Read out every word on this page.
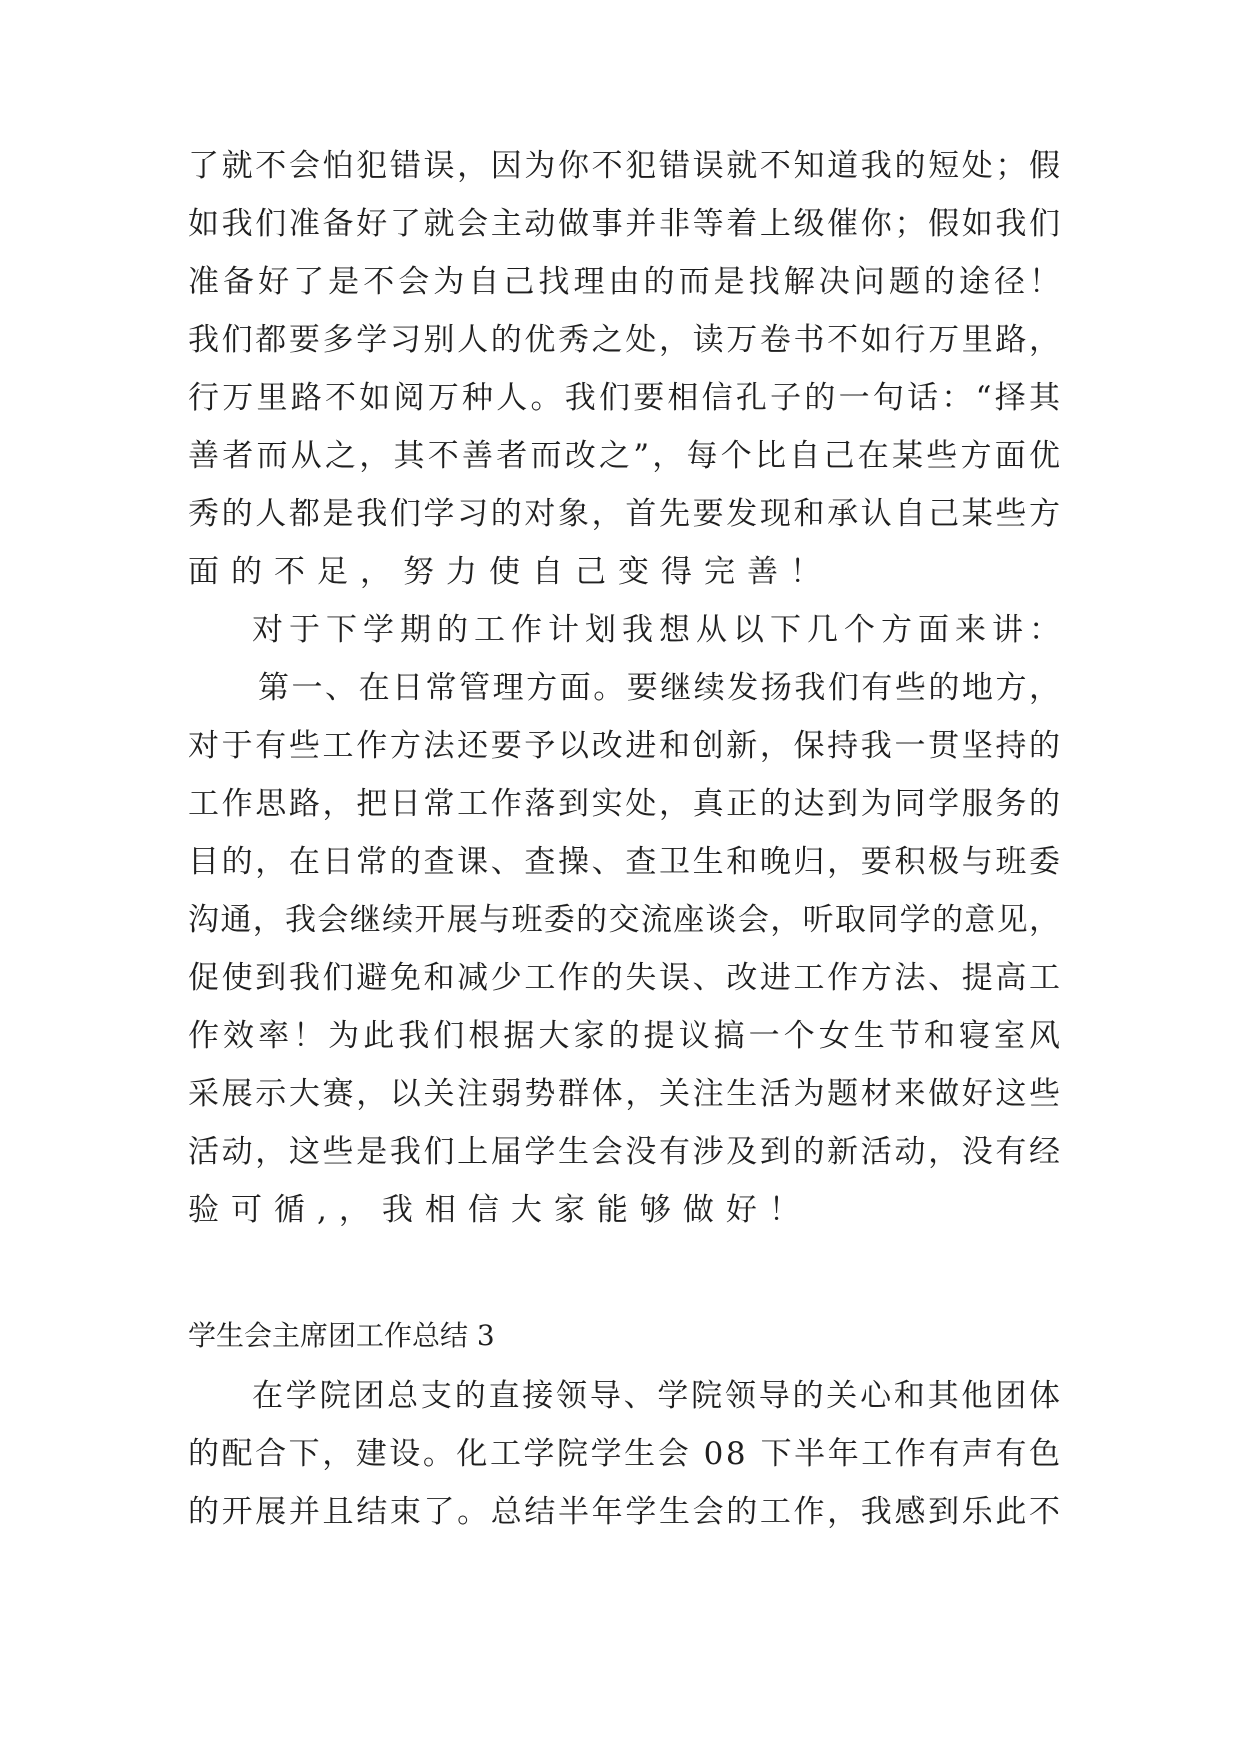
了就不会怕犯错误，因为你不犯错误就不知道我的短处；假
如我们准备好了就会主动做事并非等着上级催你；假如我们
准备好了是不会为自己找理由的而是找解决问题的途径！
我们都要多学习别人的优秀之处，读万卷书不如行万里路，
行万里路不如阅万种人。我们要相信孔子的一句话：“择其
善者而从之，其不善者而改之”，每个比自己在某些方面优
秀的人都是我们学习的对象，首先要发现和承认自己某些方
面的不足，努力使自己变得完善！
对于下学期的工作计划我想从以下几个方面来讲：
第一、在日常管理方面。要继续发扬我们有些的地方，
对于有些工作方法还要予以改进和创新，保持我一贯坚持的
工作思路，把日常工作落到实处，真正的达到为同学服务的
目的，在日常的查课、查操、查卫生和晚归，要积极与班委
沟通，我会继续开展与班委的交流座谈会，听取同学的意见，
促使到我们避免和减少工作的失误、改进工作方法、提高工
作效率！为此我们根据大家的提议搞一个女生节和寝室风
采展示大赛，以关注弱势群体，关注生活为题材来做好这些
活动，这些是我们上届学生会没有涉及到的新活动，没有经
验可循,，我相信大家能够做好！
学生会主席团工作总结 3
在学院团总支的直接领导、学院领导的关心和其他团体
的配合下，建设。化工学院学生会 08 下半年工作有声有色
的开展并且结束了。总结半年学生会的工作，我感到乐此不
